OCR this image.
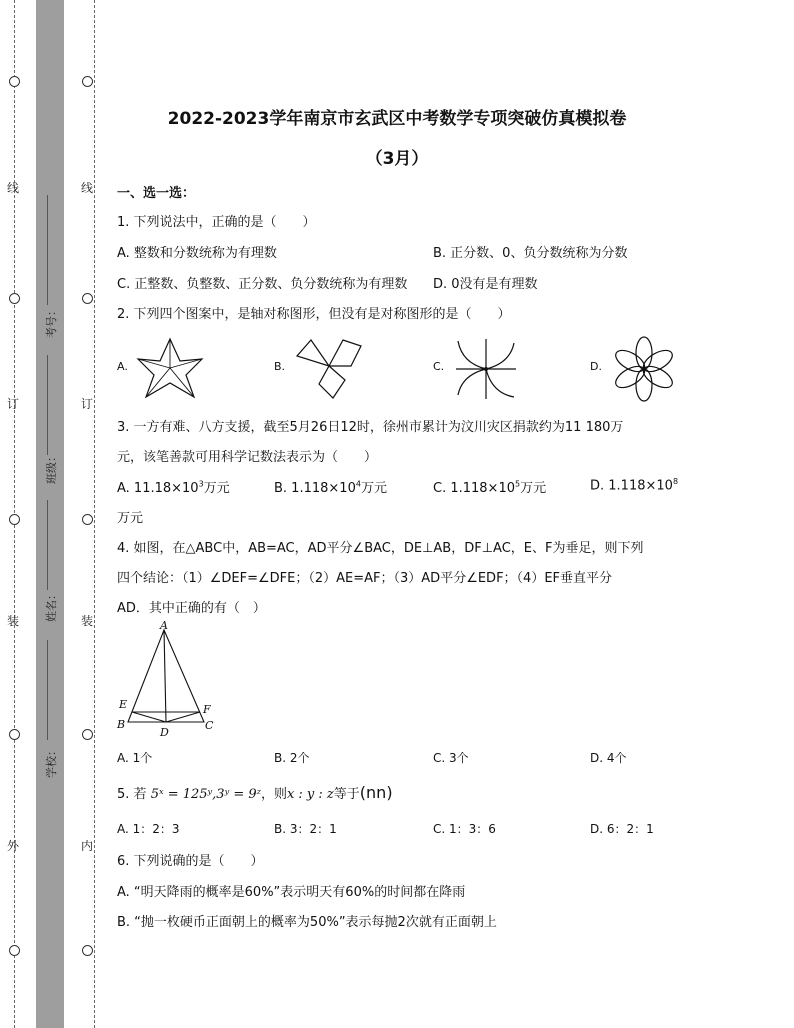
线
订
装
外
线
订
装
内
考号：
班级：
姓名：
学校：
2022-2023学年南京市玄武区中考数学专项突破仿真模拟卷
（3月）
一、选一选：
1. 下列说法中，正确的是（　　）
A. 整数和分数统称为有理数	B. 正分数、0、负分数统称为分数
C. 正整数、负整数、正分数、负分数统称为有理数 D. 0没有是有理数
2. 下列四个图案中，是轴对称图形，但没有是对称图形的是（　　）
A.	B.	C.	D.
3. 一方有难、八方支援，截至5月26日12时，徐州市累计为汶川灾区捐款约为11 180万
元，该笔善款可用科学记数法表示为（　　）
A. $11.18\times 10^3$万元	B. $1.118\times 10^4$万元	C. $1.118\times 10^5$万元	D. $1.118\times 10^8$
万元
4. 如图，在△ABC中，AB=AC，AD平分∠BAC，DE⊥AB，DF⊥AC，E、F为垂足，则下列
四个结论：（1）∠DEF=∠DFE；（2）AE=AF；（3）AD平分∠EDF；（4）EF垂直平分
AD．其中正确的有（　）
A
E
B
D
F
C
A. 1个	B. 2个	C. 3个	D. 4个
5. 若 5ˣ = 125ʸ,3ʸ = 9ᶻ，则x : y : z等于(nn)
A. 1：2：3	B. 3：2：1	C. 1：3：6	D. 6：2：1
6. 下列说确的是（　　）
A. “明天降雨的概率是60%”表示明天有60%的时间都在降雨
B. “抛一枚硬币正面朝上的概率为50%”表示每抛2次就有正面朝上
